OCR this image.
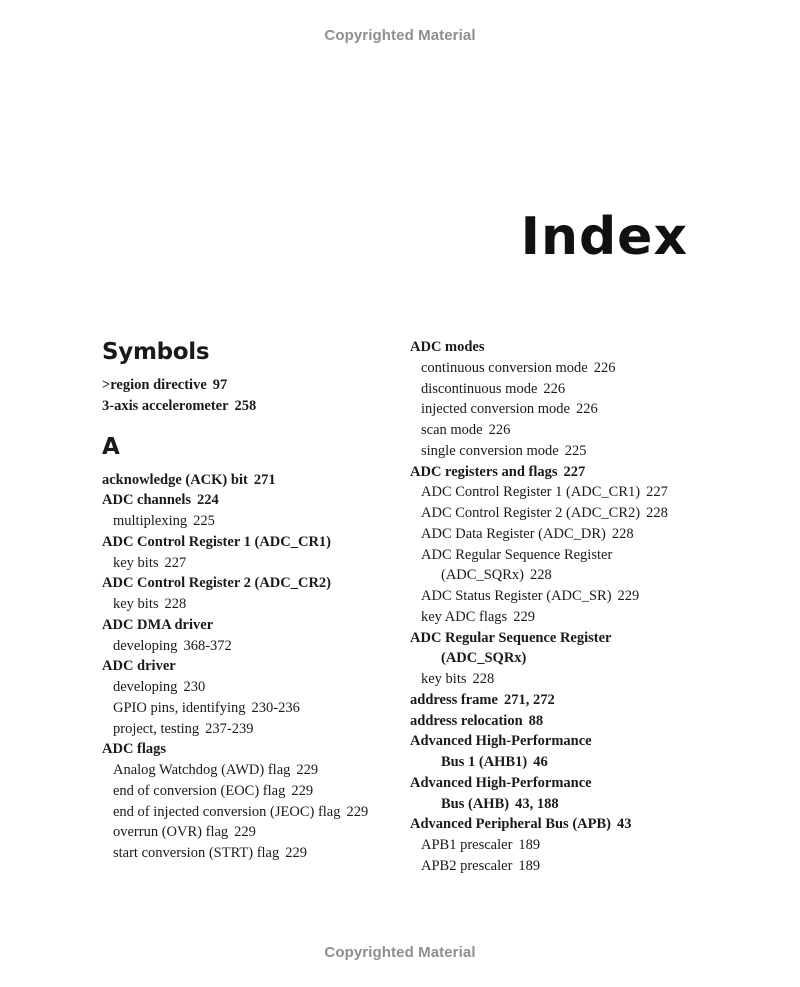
Copyrighted Material
Index
Symbols
>region directive 97
3-axis accelerometer 258
A
acknowledge (ACK) bit 271
ADC channels 224
multiplexing 225
ADC Control Register 1 (ADC_CR1)
key bits 227
ADC Control Register 2 (ADC_CR2)
key bits 228
ADC DMA driver
developing 368-372
ADC driver
developing 230
GPIO pins, identifying 230-236
project, testing 237-239
ADC flags
Analog Watchdog (AWD) flag 229
end of conversion (EOC) flag 229
end of injected conversion (JEOC) flag 229
overrun (OVR) flag 229
start conversion (STRT) flag 229
ADC modes
continuous conversion mode 226
discontinuous mode 226
injected conversion mode 226
scan mode 226
single conversion mode 225
ADC registers and flags 227
ADC Control Register 1 (ADC_CR1) 227
ADC Control Register 2 (ADC_CR2) 228
ADC Data Register (ADC_DR) 228
ADC Regular Sequence Register
(ADC_SQRx) 228
ADC Status Register (ADC_SR) 229
key ADC flags 229
ADC Regular Sequence Register
(ADC_SQRx)
key bits 228
address frame 271, 272
address relocation 88
Advanced High-Performance
Bus 1 (AHB1) 46
Advanced High-Performance
Bus (AHB) 43, 188
Advanced Peripheral Bus (APB) 43
APB1 prescaler 189
APB2 prescaler 189
Copyrighted Material
